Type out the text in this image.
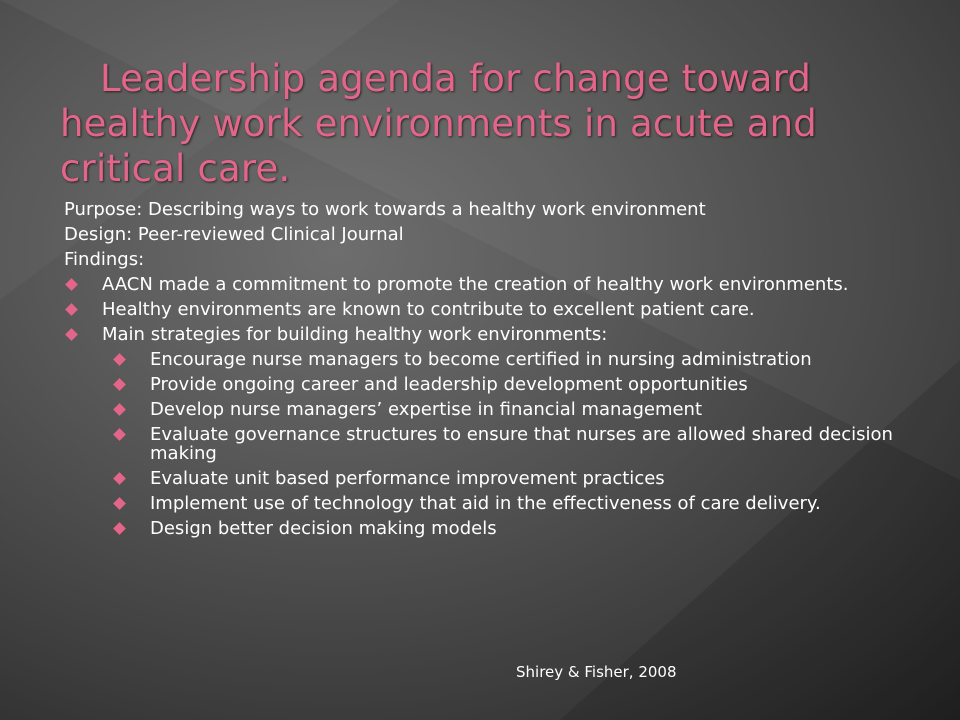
Leadership agenda for change toward
healthy work environments in acute and
critical care.

Purpose: Describing ways to work towards a healthy work environment

Design: Peer-reviewed Clinical Journal

Findings:

AACN made a commitment to promote the creation of healthy work environments.
Healthy environments are known to contribute to excellent patient care.
Main strategies for building healthy work environments:
Encourage nurse managers to become certified in nursing administration
Provide ongoing career and leadership development opportunities
Develop nurse managers’ expertise in financial management
Evaluate governance structures to ensure that nurses are allowed shared decision making
Evaluate unit based performance improvement practices
Implement use of technology that aid in the effectiveness of care delivery.
Design better decision making models
Shirey & Fisher, 2008
